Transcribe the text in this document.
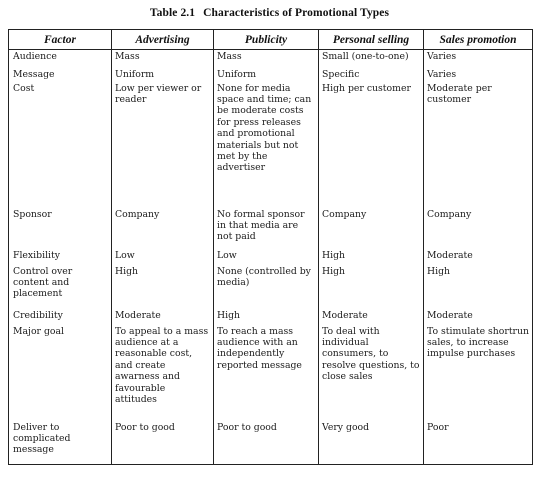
Table 2.1 Characteristics of Promotional Types
Factor	Advertising	Publicity	Personal selling	Sales promotion
Audience	Mass	Mass	Small (one-to-one)	Varies
Message	Uniform	Uniform	Specific	Varies
Cost	Low per viewer or reader	None for media space and time; can be moderate costs for press releases and promotional materials but not met by the advertiser	High per customer	Moderate per customer
Sponsor	Company	No formal sponsor in that media are not paid	Company	Company
Flexibility	Low	Low	High	Moderate
Control over content and placement	High	None (controlled by media)	High	High
Credibility	Moderate	High	Moderate	Moderate
Major goal	To appeal to a mass audience at a reasonable cost, and create awarness and favourable attitudes	To reach a mass audience with an independently reported message	To deal with individual consumers, to resolve questions, to close sales	To stimulate shortrun sales, to increase impulse purchases
Deliver to complicated message	Poor to good	Poor to good	Very good	Poor
